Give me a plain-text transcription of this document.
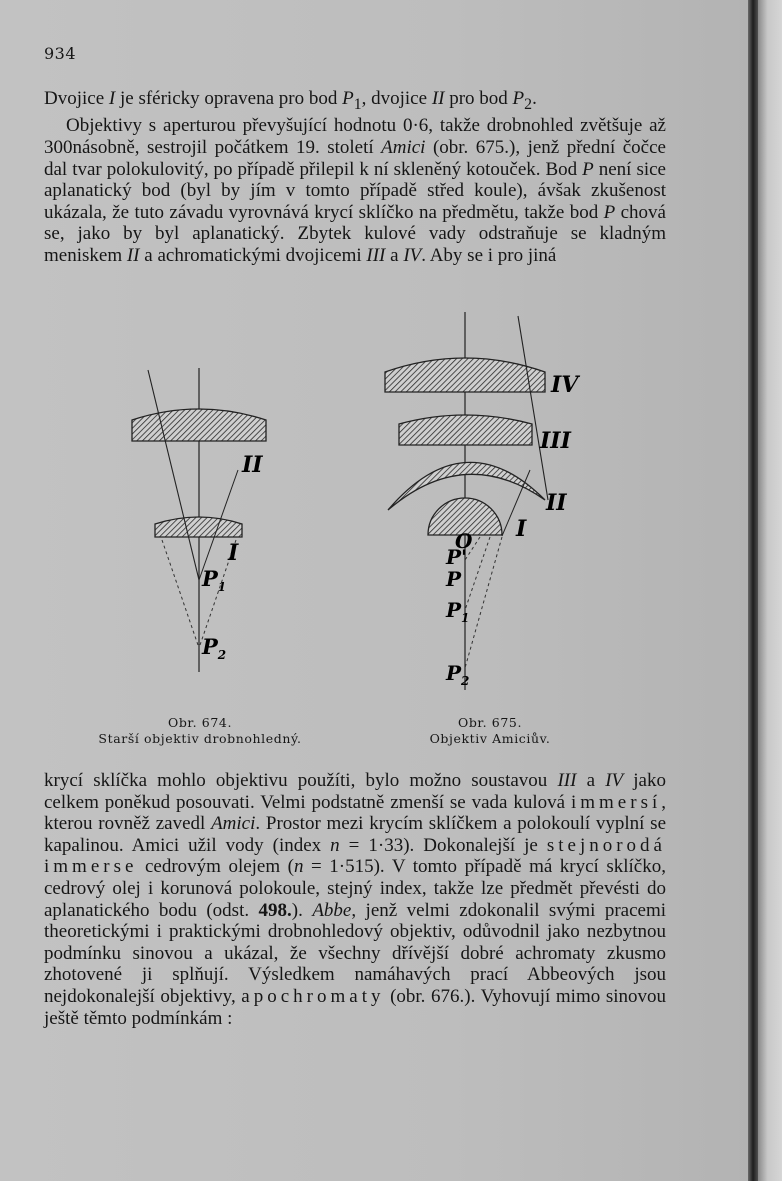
934

Dvojice I je sféricky opravena pro bod $P_1$, dvojice II pro bod $P_2$.

Objektivy s aperturou převyšující hodnotu 0·6, takže drobnohled zvětšuje až 300násobně, sestrojil počátkem 19. století Amici (obr. 675.), jenž přední čočce dal tvar polokulovitý, po případě přilepil k ní skleněný kotouček. Bod P není sice aplanatický bod (byl by jím v tomto případě střed koule), ávšak zkušenost ukázala, že tuto závadu vyrovnává krycí sklíčko na předmětu, takže bod P chová se, jako by byl aplanatický. Zbytek kulové vady odstraňuje se kladným meniskem II a achromatickými dvojicemi III a IV. Aby se i pro jiná

II
I
$P_1$
$P_2$
IV
III
II
I
O
P'
P
$P_1$
$P_2$
Obr. 674.
Starší objektiv drobnohledný.
Obr. 675.
Objektiv Amiciův.

krycí sklíčka mohlo objektivu použíti, bylo možno soustavou III a IV jako celkem poněkud posouvati. Velmi podstatně zmenší se vada kulová immersí, kterou rovněž zavedl Amici. Prostor mezi krycím sklíčkem a polokoulí vyplní se kapalinou. Amici užil vody (index n = 1·33). Dokonalejší je stejnorodá immerse cedrovým olejem (n = 1·515). V tomto případě má krycí sklíčko, cedrový olej i korunová polokoule, stejný index, takže lze předmět převésti do aplanatického bodu (odst. 498.). Abbe, jenž velmi zdokonalil svými pracemi theoretickými i praktickými drobnohledový objektiv, odůvodnil jako nezbytnou podmínku sinovou a ukázal, že všechny dřívější dobré achromaty zkusmo zhotovené ji splňují. Výsledkem namáhavých prací Abbeových jsou nejdokonalejší objektivy, apochromaty (obr. 676.). Vyhovují mimo sinovou ještě těmto podmínkám :
